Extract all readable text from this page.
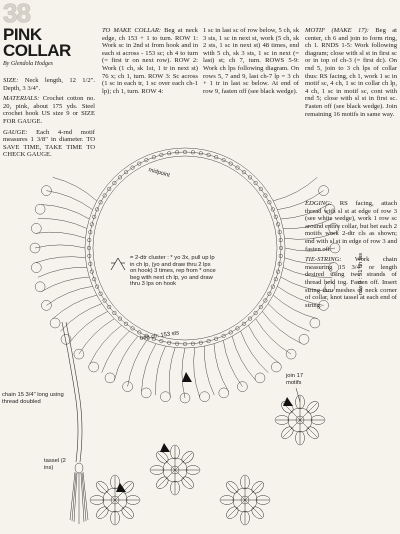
38
PINK
COLLAR
By Glendola Hodges

SIZE: Neck length, 12 1/2". Depth, 3 3/4".

MATERIALS: Crochet cotton no. 20, pink, about 175 yds. Steel crochet hook US size 9 or SIZE FOR GAUGE.

GAUGE: Each 4-rnd motif measures 1 3/8" in diameter. TO SAVE TIME, TAKE TIME TO CHECK GAUGE.

TO MAKE COLLAR: Beg at neck edge, ch 153 + 1 to turn. ROW 1: Work sc in 2nd st from hook and in each st across - 153 sc; ch 4 to turn (= first tr on next row). ROW 2: Work (1 ch, sk 1st, 1 tr in next st) 76 x; ch 1, turn. ROW 3: Sc across (1 sc in each tr, 1 sc over each ch-1 lp); ch 1, turn. ROW 4:

1 sc in last sc of row below, 5 ch, sk 3 sts, 1 sc in next st, work (5 ch, sk 2 sts, 1 sc in next st) 48 times, end with 5 ch, sk 3 sts, 1 sc in next (= last) st; ch 7, turn. ROWS 5-9: Work ch lps following diagram. On rows 5, 7 and 9, last ch-7 lp = 3 ch + 1 tr in last sc below. At end of row 9, fasten off (see black wedge).

MOTIF (MAKE 17): Beg at center, ch 6 and join to form ring, ch 1. RNDS 1-5: Work following diagram; close with sl st in first sc or in top of ch-3 (= first dc). On rnd 5, join to 3 ch lps of collar thus: RS facing, ch 1, work 1 sc in motif sc, 4 ch, 1 sc in collar ch lp, 4 ch, 1 sc in motif sc, cont with rnd 5; close with sl st in first sc. Fasten off (see black wedge). Join remaining 16 motifs in same way.

EDGING: RS facing, attach thread with sl st at edge of row 3 (see white wedge), work 1 row sc around entire collar, but bet each 2 motifs work 2-dtr cls as shown; end with sl st in edge of row 3 and fasten off.

TIE-STRING: Work chain measuring 15 3/4" or length desired using two strands of thread held tog. Fasten off. Insert string thru meshes of neck corner of collar, knot tassel at each end of string.

midpoint
= 2-dtr cluster : * yo 3x, pull up lp in ch lp, (yo and draw thru 2 lps on hook) 3 times, rep from * once beg with next ch lp, yo and draw thru 3 lps on hook
beg ch: 153 sts
row 9 : 51 ch lps
join 17 motifs
chain 15 3/4" long using thread doubled
tassel (2 ins)
